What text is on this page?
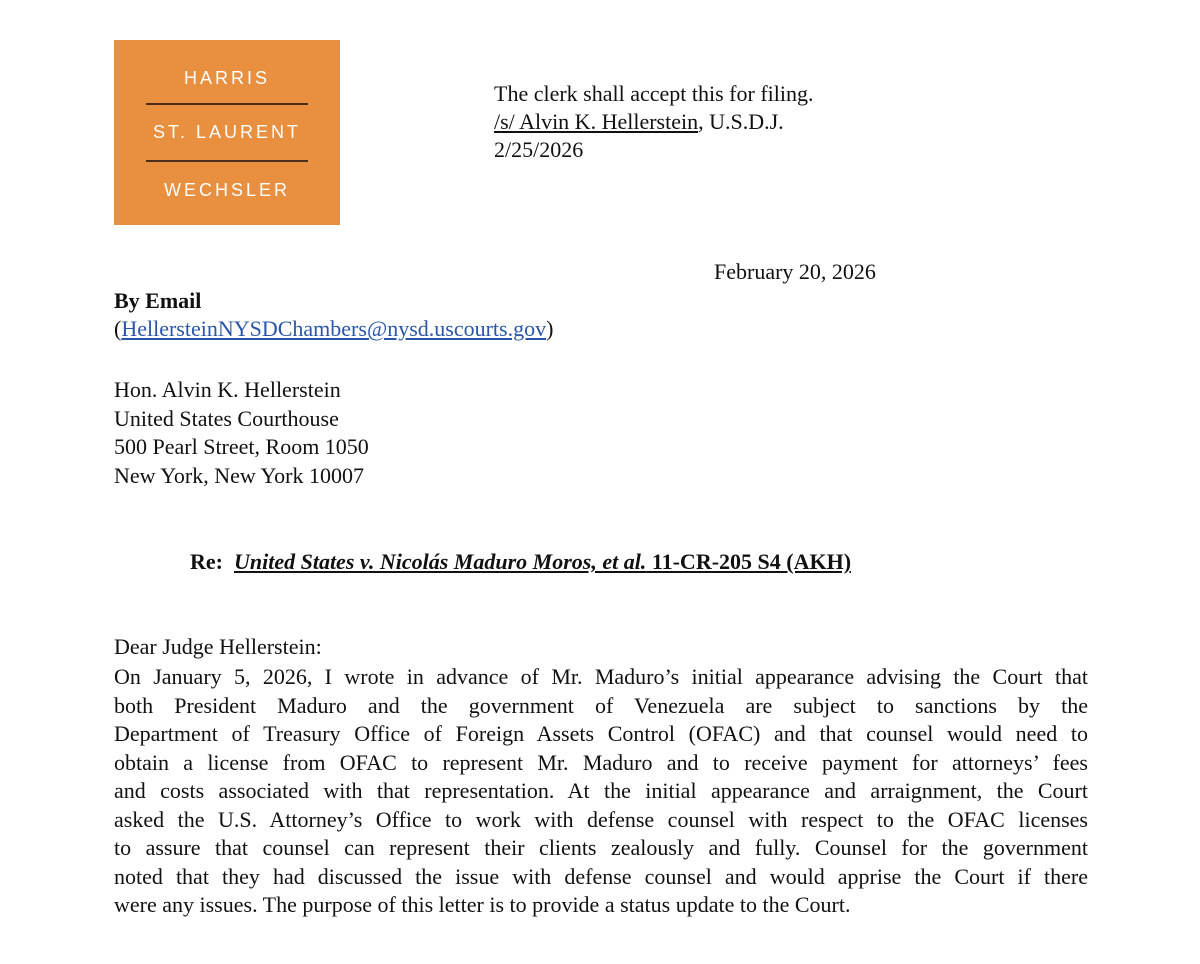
HARRIS
ST. LAURENT
WECHSLER
The clerk shall accept this for filing.
/s/ Alvin K. Hellerstein, U.S.D.J.
2/25/2026
February 20, 2026
By Email
(HellersteinNYSDChambers@nysd.uscourts.gov)
Hon. Alvin K. Hellerstein
United States Courthouse
500 Pearl Street, Room 1050
New York, New York 10007
Re: United States v. Nicolás Maduro Moros, et al. 11-CR-205 S4 (AKH)
Dear Judge Hellerstein:
On January 5, 2026, I wrote in advance of Mr. Maduro’s initial appearance advising the Court that
both President Maduro and the government of Venezuela are subject to sanctions by the
Department of Treasury Office of Foreign Assets Control (OFAC) and that counsel would need to
obtain a license from OFAC to represent Mr. Maduro and to receive payment for attorneys’ fees
and costs associated with that representation. At the initial appearance and arraignment, the Court
asked the U.S. Attorney’s Office to work with defense counsel with respect to the OFAC licenses
to assure that counsel can represent their clients zealously and fully. Counsel for the government
noted that they had discussed the issue with defense counsel and would apprise the Court if there
were any issues. The purpose of this letter is to provide a status update to the Court.
